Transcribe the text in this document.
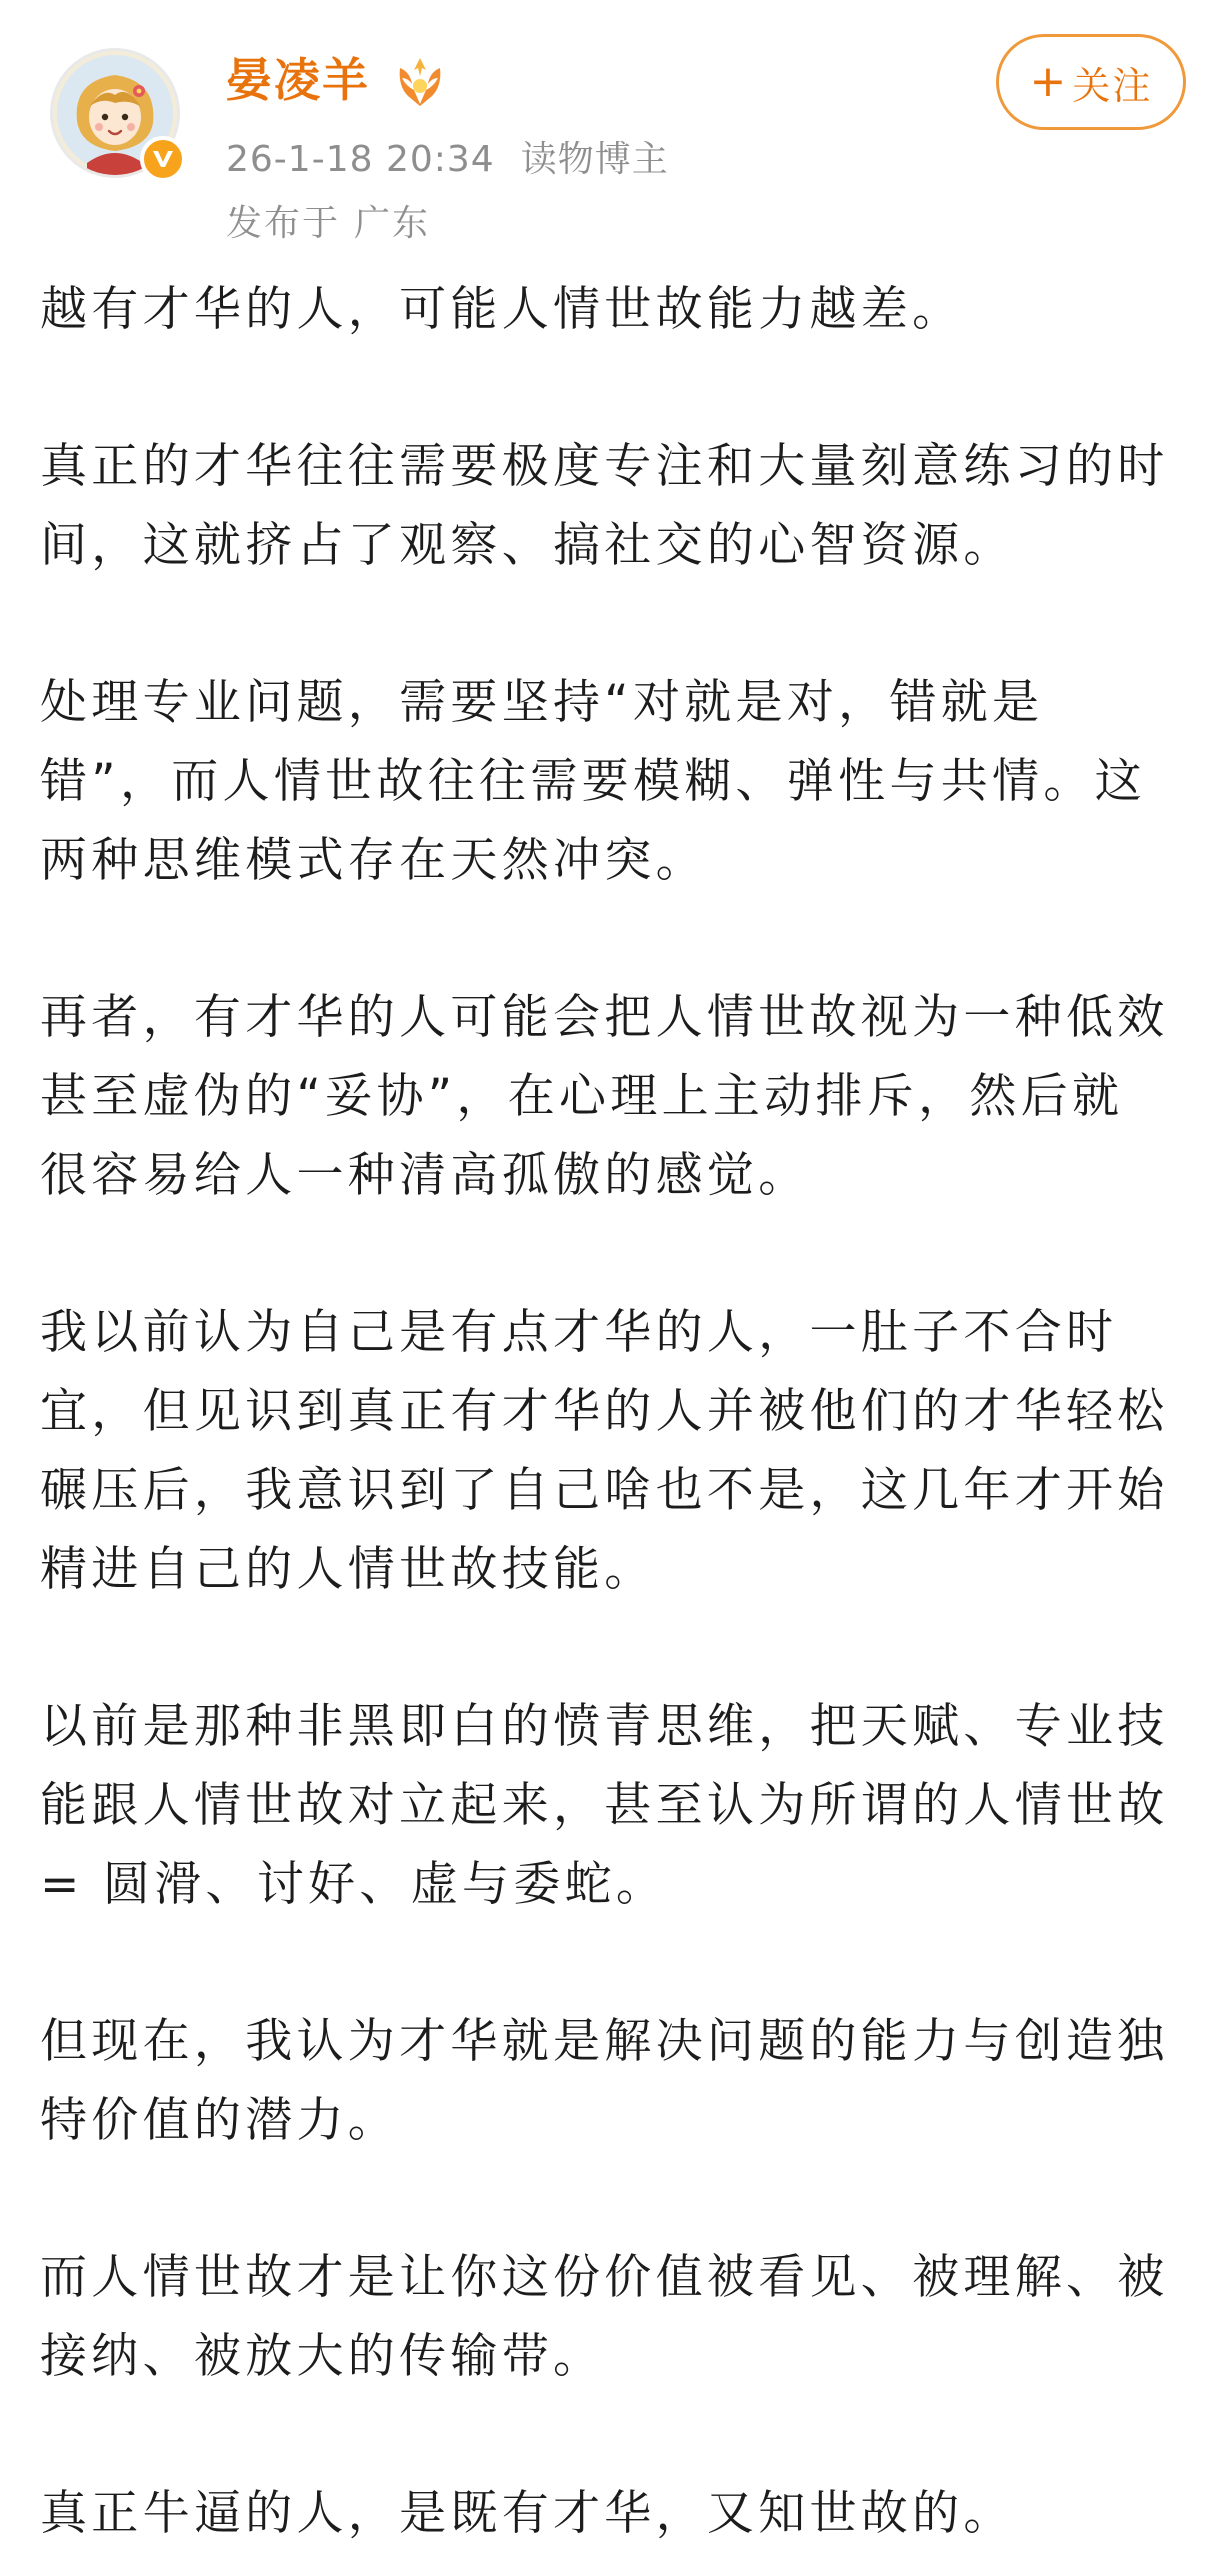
晏凌羊
26-1-18 20:34 读物博主
发布于 广东
+ 关注

越有才华的人，可能人情世故能力越差。

真正的才华往往需要极度专注和大量刻意练习的时间，这就挤占了观察、搞社交的心智资源。

处理专业问题，需要坚持“对就是对，错就是错”，而人情世故往往需要模糊、弹性与共情。这两种思维模式存在天然冲突。

再者，有才华的人可能会把人情世故视为一种低效甚至虚伪的“妥协”，在心理上主动排斥，然后就很容易给人一种清高孤傲的感觉。

我以前认为自己是有点才华的人，一肚子不合时宜，但见识到真正有才华的人并被他们的才华轻松碾压后，我意识到了自己啥也不是，这几年才开始精进自己的人情世故技能。

以前是那种非黑即白的愤青思维，把天赋、专业技能跟人情世故对立起来，甚至认为所谓的人情世故 = 圆滑、讨好、虚与委蛇。

但现在，我认为才华就是解决问题的能力与创造独特价值的潜力。

而人情世故才是让你这份价值被看见、被理解、被接纳、被放大的传输带。

真正牛逼的人，是既有才华，又知世故的。
